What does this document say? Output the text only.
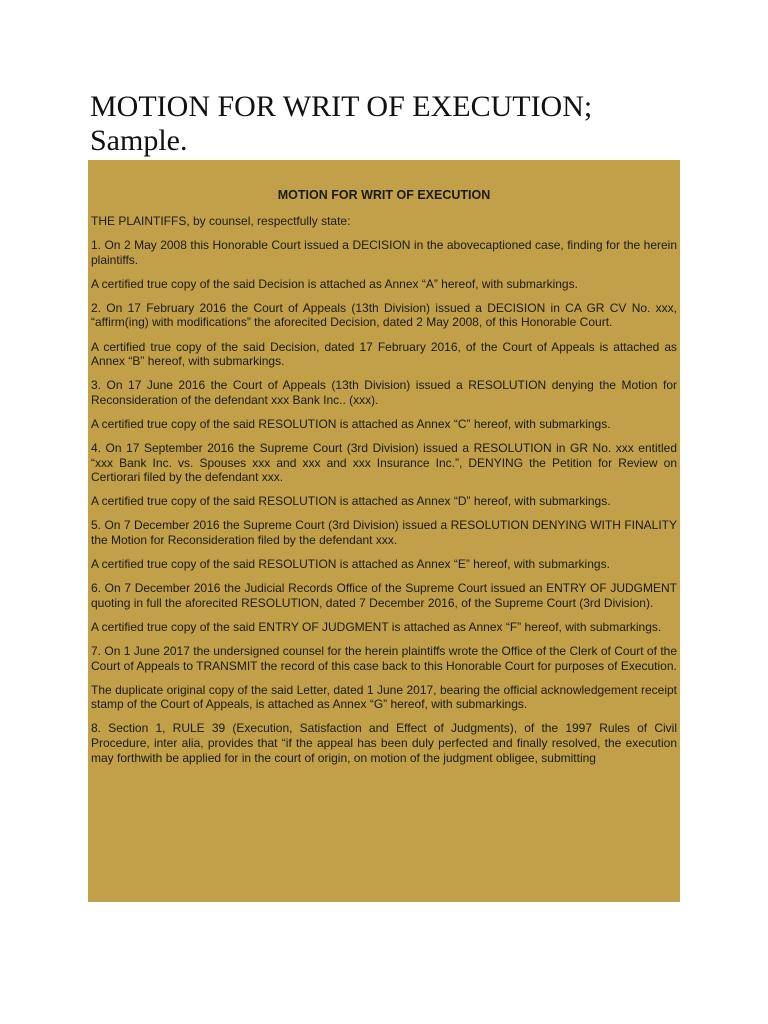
MOTION FOR WRIT OF EXECUTION; Sample.
MOTION FOR WRIT OF EXECUTION

THE PLAINTIFFS, by counsel, respectfully state:

1. On 2 May 2008 this Honorable Court issued a DECISION in the abovecaptioned case, finding for the herein plaintiffs.

A certified true copy of the said Decision is attached as Annex “A” hereof, with submarkings.

2. On 17 February 2016 the Court of Appeals (13th Division) issued a DECISION in CA GR CV No. xxx, “affirm(ing) with modifications” the aforecited Decision, dated 2 May 2008, of this Honorable Court.

A certified true copy of the said Decision, dated 17 February 2016, of the Court of Appeals is attached as Annex “B” hereof, with submarkings.

3. On 17 June 2016 the Court of Appeals (13th Division) issued a RESOLUTION denying the Motion for Reconsideration of the defendant xxx Bank Inc.. (xxx).

A certified true copy of the said RESOLUTION is attached as Annex “C” hereof, with submarkings.

4. On 17 September 2016 the Supreme Court (3rd Division) issued a RESOLUTION in GR No. xxx entitled “xxx Bank Inc. vs. Spouses xxx and xxx and xxx Insurance Inc.”, DENYING the Petition for Review on Certiorari filed by the defendant xxx.

A certified true copy of the said RESOLUTION is attached as Annex “D” hereof, with submarkings.

5. On 7 December 2016 the Supreme Court (3rd Division) issued a RESOLUTION DENYING WITH FINALITY the Motion for Reconsideration filed by the defendant xxx.

A certified true copy of the said RESOLUTION is attached as Annex “E” hereof, with submarkings.

6. On 7 December 2016 the Judicial Records Office of the Supreme Court issued an ENTRY OF JUDGMENT quoting in full the aforecited RESOLUTION, dated 7 December 2016, of the Supreme Court (3rd Division).

A certified true copy of the said ENTRY OF JUDGMENT is attached as Annex “F” hereof, with submarkings.

7. On 1 June 2017 the undersigned counsel for the herein plaintiffs wrote the Office of the Clerk of Court of the Court of Appeals to TRANSMIT the record of this case back to this Honorable Court for purposes of Execution.

The duplicate original copy of the said Letter, dated 1 June 2017, bearing the official acknowledgement receipt stamp of the Court of Appeals, is attached as Annex “G” hereof, with submarkings.

8. Section 1, RULE 39 (Execution, Satisfaction and Effect of Judgments), of the 1997 Rules of Civil Procedure, inter alia, provides that “if the appeal has been duly perfected and finally resolved, the execution may forthwith be applied for in the court of origin, on motion of the judgment obligee, submitting
